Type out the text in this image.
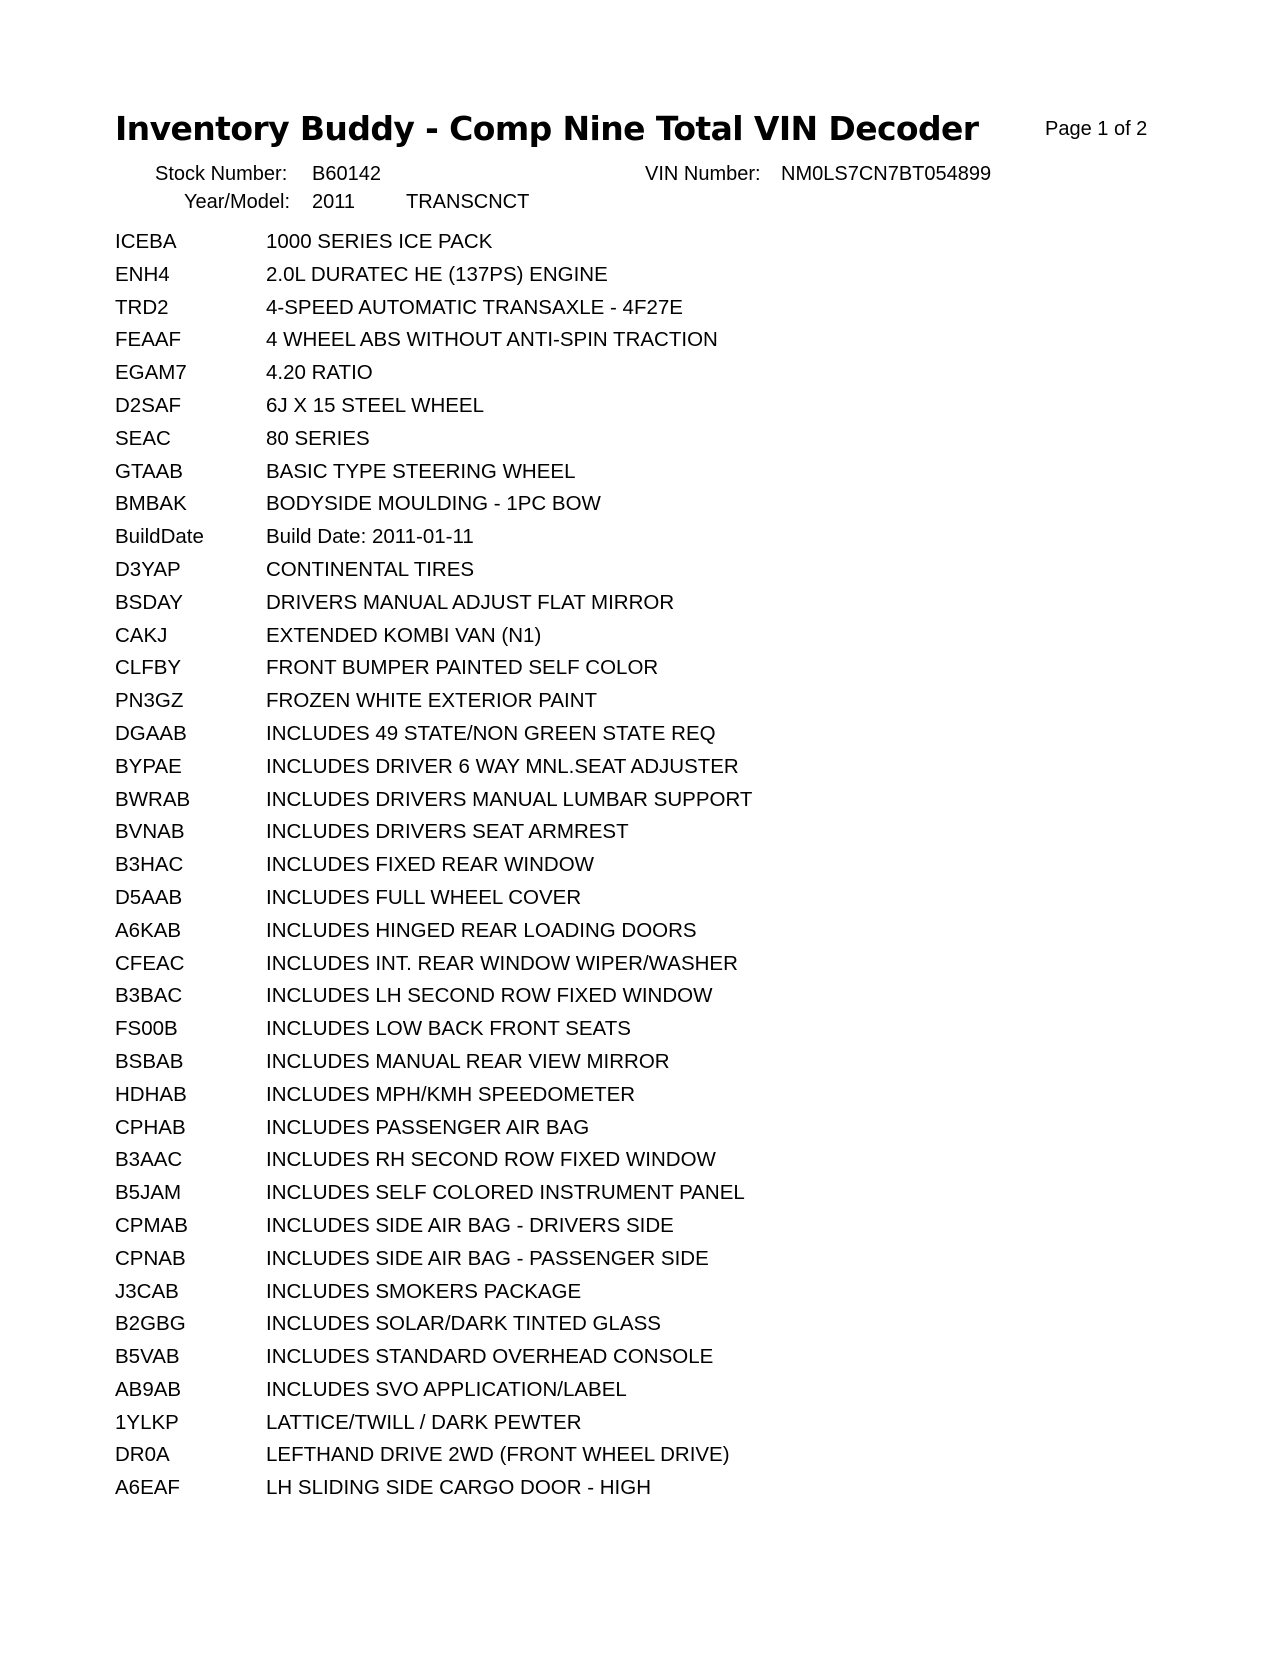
Inventory Buddy - Comp Nine Total VIN Decoder	Page 1 of 2
Stock Number: B60142	VIN Number: NM0LS7CN7BT054899
Year/Model: 2011	TRANSCNCT
ICEBA	1000 SERIES ICE PACK
ENH4	2.0L DURATEC HE (137PS) ENGINE
TRD2	4-SPEED AUTOMATIC TRANSAXLE - 4F27E
FEAAF	4 WHEEL ABS WITHOUT ANTI-SPIN TRACTION
EGAM7	4.20 RATIO
D2SAF	6J X 15 STEEL WHEEL
SEAC	80 SERIES
GTAAB	BASIC TYPE STEERING WHEEL
BMBAK	BODYSIDE MOULDING - 1PC BOW
BuildDate	Build Date: 2011-01-11
D3YAP	CONTINENTAL TIRES
BSDAY	DRIVERS MANUAL ADJUST FLAT MIRROR
CAKJ	EXTENDED KOMBI VAN (N1)
CLFBY	FRONT BUMPER PAINTED SELF COLOR
PN3GZ	FROZEN WHITE EXTERIOR PAINT
DGAAB	INCLUDES 49 STATE/NON GREEN STATE REQ
BYPAE	INCLUDES DRIVER 6 WAY MNL.SEAT ADJUSTER
BWRAB	INCLUDES DRIVERS MANUAL LUMBAR SUPPORT
BVNAB	INCLUDES DRIVERS SEAT ARMREST
B3HAC	INCLUDES FIXED REAR WINDOW
D5AAB	INCLUDES FULL WHEEL COVER
A6KAB	INCLUDES HINGED REAR LOADING DOORS
CFEAC	INCLUDES INT. REAR WINDOW WIPER/WASHER
B3BAC	INCLUDES LH SECOND ROW FIXED WINDOW
FS00B	INCLUDES LOW BACK FRONT SEATS
BSBAB	INCLUDES MANUAL REAR VIEW MIRROR
HDHAB	INCLUDES MPH/KMH SPEEDOMETER
CPHAB	INCLUDES PASSENGER AIR BAG
B3AAC	INCLUDES RH SECOND ROW FIXED WINDOW
B5JAM	INCLUDES SELF COLORED INSTRUMENT PANEL
CPMAB	INCLUDES SIDE AIR BAG - DRIVERS SIDE
CPNAB	INCLUDES SIDE AIR BAG - PASSENGER SIDE
J3CAB	INCLUDES SMOKERS PACKAGE
B2GBG	INCLUDES SOLAR/DARK TINTED GLASS
B5VAB	INCLUDES STANDARD OVERHEAD CONSOLE
AB9AB	INCLUDES SVO APPLICATION/LABEL
1YLKP	LATTICE/TWILL / DARK PEWTER
DR0A	LEFTHAND DRIVE 2WD (FRONT WHEEL DRIVE)
A6EAF	LH SLIDING SIDE CARGO DOOR - HIGH
